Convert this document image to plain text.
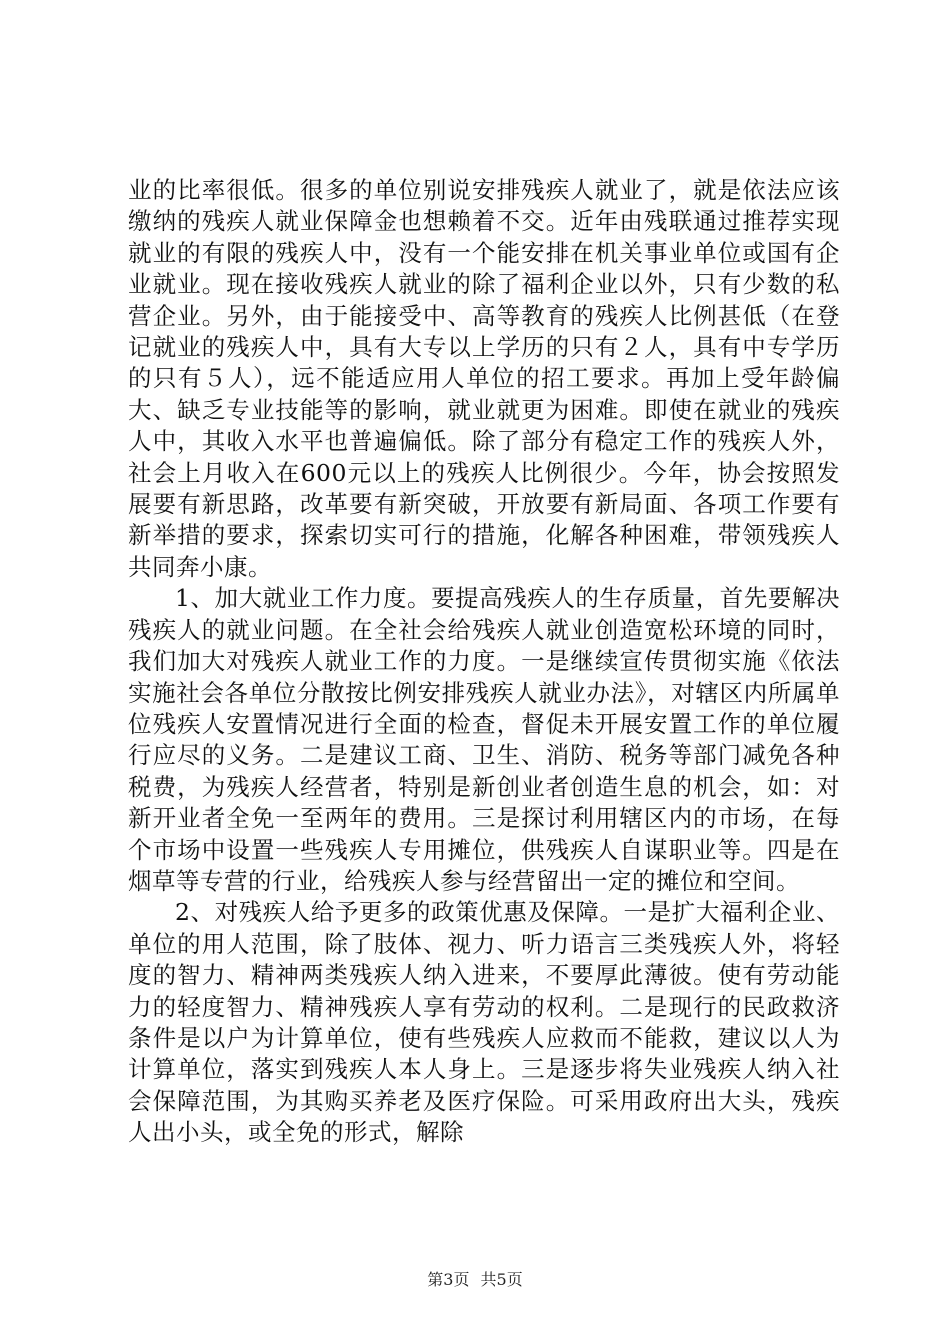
业的比率很低。很多的单位别说安排残疾人就业了，就是依法应该缴纳的残疾人就业保障金也想赖着不交。近年由残联通过推荐实现就业的有限的残疾人中，没有一个能安排在机关事业单位或国有企业就业。现在接收残疾人就业的除了福利企业以外，只有少数的私营企业。另外，由于能接受中、高等教育的残疾人比例甚低（在登记就业的残疾人中，具有大专以上学历的只有２人，具有中专学历的只有５人），远不能适应用人单位的招工要求。再加上受年龄偏大、缺乏专业技能等的影响，就业就更为困难。即使在就业的残疾人中，其收入水平也普遍偏低。除了部分有稳定工作的残疾人外，社会上月收入在600元以上的残疾人比例很少。今年，协会按照发展要有新思路，改革要有新突破，开放要有新局面、各项工作要有新举措的要求，探索切实可行的措施，化解各种困难，带领残疾人共同奔小康。

1、加大就业工作力度。要提高残疾人的生存质量，首先要解决残疾人的就业问题。在全社会给残疾人就业创造宽松环境的同时，我们加大对残疾人就业工作的力度。一是继续宣传贯彻实施《依法实施社会各单位分散按比例安排残疾人就业办法》，对辖区内所属单位残疾人安置情况进行全面的检查，督促未开展安置工作的单位履行应尽的义务。二是建议工商、卫生、消防、税务等部门减免各种税费，为残疾人经营者，特别是新创业者创造生息的机会，如：对新开业者全免一至两年的费用。三是探讨利用辖区内的市场，在每个市场中设置一些残疾人专用摊位，供残疾人自谋职业等。四是在烟草等专营的行业，给残疾人参与经营留出一定的摊位和空间。

2、对残疾人给予更多的政策优惠及保障。一是扩大福利企业、单位的用人范围，除了肢体、视力、听力语言三类残疾人外，将轻度的智力、精神两类残疾人纳入进来，不要厚此薄彼。使有劳动能力的轻度智力、精神残疾人享有劳动的权利。二是现行的民政救济条件是以户为计算单位，使有些残疾人应救而不能救，建议以人为计算单位，落实到残疾人本人身上。三是逐步将失业残疾人纳入社会保障范围，为其购买养老及医疗保险。可采用政府出大头，残疾人出小头，或全免的形式，解除

第3页 共5页
